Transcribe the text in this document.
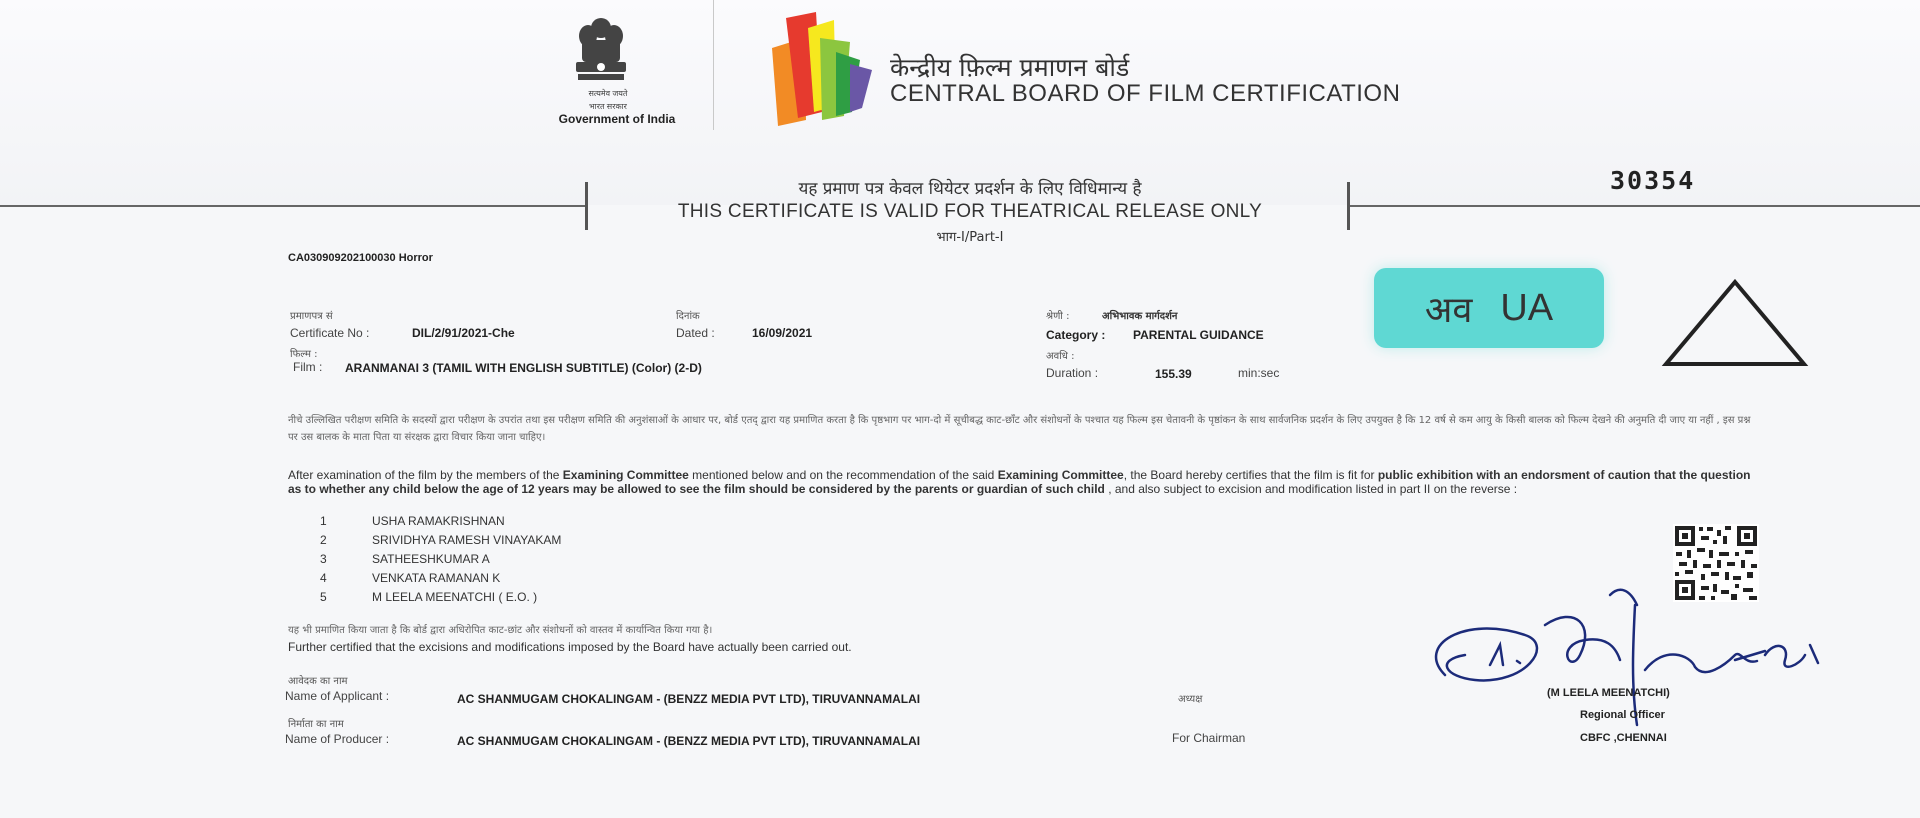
सत्यमेव जयते
भारत सरकार
Government of India
केन्द्रीय फ़िल्म प्रमाणन बोर्ड
CENTRAL BOARD OF FILM CERTIFICATION
यह प्रमाण पत्र केवल थियेटर प्रदर्शन के लिए विधिमान्य है
THIS CERTIFICATE IS VALID FOR THEATRICAL RELEASE ONLY
भाग-I/Part-I
30354
CA030909202100030 Horror
प्रमाणपत्र सं
Certificate No :	DIL/2/91/2021-Che
दिनांक
Dated :	16/09/2021
श्रेणी :	अभिभावक मार्गदर्शन
Category : PARENTAL GUIDANCE
फिल्म :
Film : ARANMANAI 3 (TAMIL WITH ENGLISH SUBTITLE) (Color) (2-D)
अवधि :
Duration :	155.39	min:sec
अव UA
नीचे उल्लिखित परीक्षण समिति के सदस्यों द्वारा परीक्षण के उपरांत तथा इस परीक्षण समिति की अनुशंसाओं के आधार पर, बोर्ड एतद् द्वारा यह प्रमाणित करता है कि पृष्ठभाग पर भाग-दो में सूचीबद्ध काट-छाँट और संशोधनों के पश्चात यह फिल्म इस चेतावनी के पृष्ठांकन के साथ सार्वजनिक प्रदर्शन के लिए उपयुक्त है कि 12 वर्ष से कम आयु के किसी बालक को फिल्म देखने की अनुमति दी जाए या नहीं , इस प्रश्न पर उस बालक के माता पिता या संरक्षक द्वारा विचार किया जाना चाहिए।
After examination of the film by the members of the Examining Committee mentioned below and on the recommendation of the said Examining Committee, the Board hereby certifies that the film is fit for public exhibition with an endorsment of caution that the question as to whether any child below the age of 12 years may be allowed to see the film should be considered by the parents or guardian of such child , and also subject to excision and modification listed in part II on the reverse :
1	USHA RAMAKRISHNAN
2	SRIVIDHYA RAMESH VINAYAKAM
3	SATHEESHKUMAR A
4	VENKATA RAMANAN K
5	M LEELA MEENATCHI ( E.O. )
यह भी प्रमाणित किया जाता है कि बोर्ड द्वारा अधिरोपित काट-छांट और संशोधनों को वास्तव में कार्यान्वित किया गया है।
Further certified that the excisions and modifications imposed by the Board have actually been carried out.
आवेदक का नाम
Name of Applicant :	AC SHANMUGAM CHOKALINGAM - (BENZZ MEDIA PVT LTD), TIRUVANNAMALAI	अध्यक्ष
निर्माता का नाम
Name of Producer :	AC SHANMUGAM CHOKALINGAM - (BENZZ MEDIA PVT LTD), TIRUVANNAMALAI	For Chairman
(M LEELA MEENATCHI)
Regional Officer
CBFC ,CHENNAI
